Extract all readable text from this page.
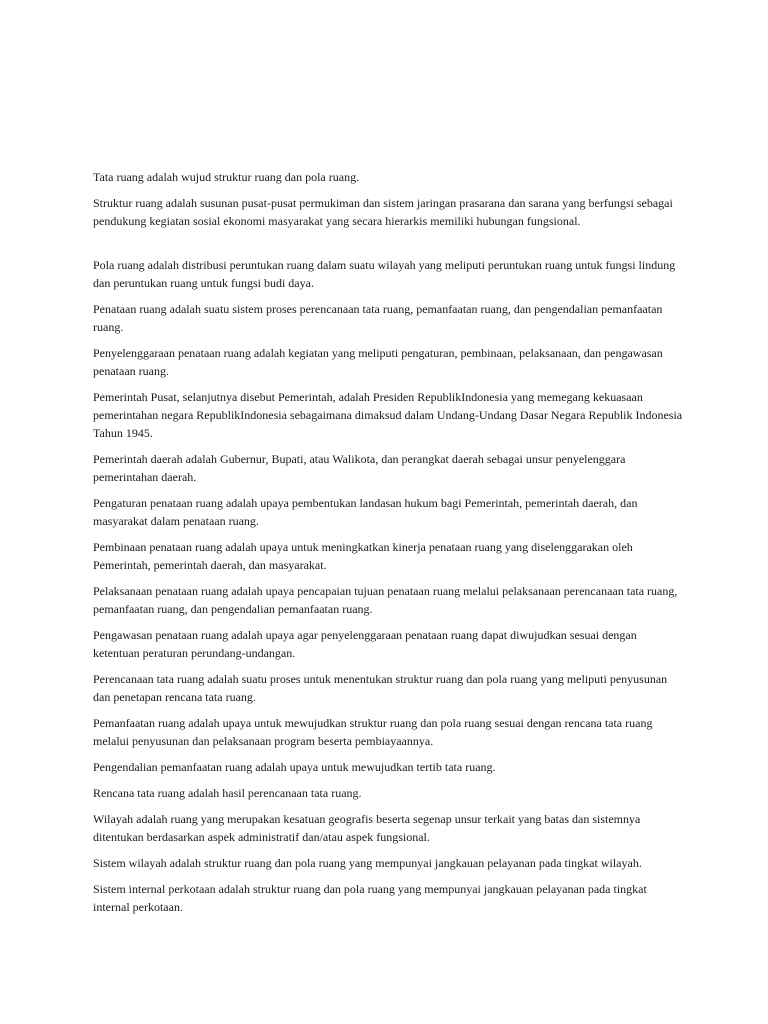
Tata ruang adalah wujud struktur ruang dan pola ruang.

Struktur ruang adalah susunan pusat-pusat permukiman dan sistem jaringan prasarana dan sarana yang berfungsi sebagai pendukung kegiatan sosial ekonomi masyarakat yang secara hierarkis memiliki hubungan fungsional.

Pola ruang adalah distribusi peruntukan ruang dalam suatu wilayah yang meliputi peruntukan ruang untuk fungsi lindung dan peruntukan ruang untuk fungsi budi daya.

Penataan ruang adalah suatu sistem proses perencanaan tata ruang, pemanfaatan ruang, dan pengendalian pemanfaatan ruang.

Penyelenggaraan penataan ruang adalah kegiatan yang meliputi pengaturan, pembinaan, pelaksanaan, dan pengawasan penataan ruang.

Pemerintah Pusat, selanjutnya disebut Pemerintah, adalah Presiden RepublikIndonesia yang memegang kekuasaan pemerintahan negara RepublikIndonesia sebagaimana dimaksud dalam Undang-Undang Dasar Negara Republik Indonesia Tahun 1945.

Pemerintah daerah adalah Gubernur, Bupati, atau Walikota, dan perangkat daerah sebagai unsur penyelenggara pemerintahan daerah.

Pengaturan penataan ruang adalah upaya pembentukan landasan hukum bagi Pemerintah, pemerintah daerah, dan masyarakat dalam penataan ruang.

Pembinaan penataan ruang adalah upaya untuk meningkatkan kinerja penataan ruang yang diselenggarakan oleh Pemerintah, pemerintah daerah, dan masyarakat.

Pelaksanaan penataan ruang adalah upaya pencapaian tujuan penataan ruang melalui pelaksanaan perencanaan tata ruang, pemanfaatan ruang, dan pengendalian pemanfaatan ruang.

Pengawasan penataan ruang adalah upaya agar penyelenggaraan penataan ruang dapat diwujudkan sesuai dengan ketentuan peraturan perundang-undangan.

Perencanaan tata ruang adalah suatu proses untuk menentukan struktur ruang dan pola ruang yang meliputi penyusunan dan penetapan rencana tata ruang.

Pemanfaatan ruang adalah upaya untuk mewujudkan struktur ruang dan pola ruang sesuai dengan rencana tata ruang melalui penyusunan dan pelaksanaan program beserta pembiayaannya.

Pengendalian pemanfaatan ruang adalah upaya untuk mewujudkan tertib tata ruang.

Rencana tata ruang adalah hasil perencanaan tata ruang.

Wilayah adalah ruang yang merupakan kesatuan geografis beserta segenap unsur terkait yang batas dan sistemnya ditentukan berdasarkan aspek administratif dan/atau aspek fungsional.

Sistem wilayah adalah struktur ruang dan pola ruang yang mempunyai jangkauan pelayanan pada tingkat wilayah.

Sistem internal perkotaan adalah struktur ruang dan pola ruang yang mempunyai jangkauan pelayanan pada tingkat internal perkotaan.
